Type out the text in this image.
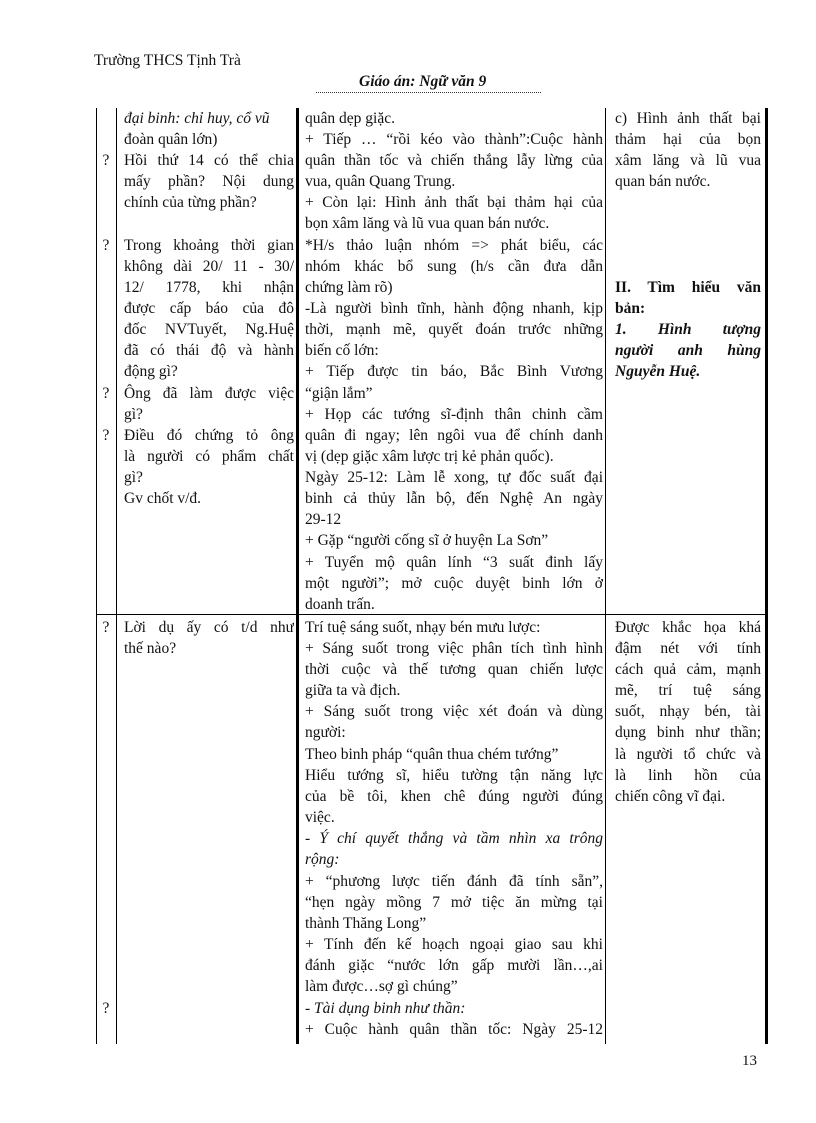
Trường THCS Tịnh Trà
Giáo án: Ngữ văn 9
?
?
?
?
?
?
đại binh: chỉ huy, cổ vũ
đoàn quân lớn)
Hồi thứ 14 có thể chia
mấy phần? Nội dung
chính của từng phần?
Trong khoảng thời gian
không dài 20/ 11 - 30/
12/ 1778, khi nhận
được cấp báo của đô
đốc NVTuyết, Ng.Huệ
đã có thái độ và hành
động gì?
Ông đã làm được việc
gì?
Điều đó chứng tỏ ông
là người có phẩm chất
gì?
Gv chốt v/đ.
Lời dụ ấy có t/d như
thế nào?
quân dẹp giặc.
+ Tiếp … “rồi kéo vào thành”:Cuộc hành
quân thần tốc và chiến thắng lẫy lừng của
vua, quân Quang Trung.
+ Còn lại: Hình ảnh thất bại thảm hại của
bọn xâm lăng và lũ vua quan bán nước.
*H/s thảo luận nhóm => phát biểu, các
nhóm khác bổ sung (h/s cần đưa dẫn
chứng làm rõ)
-Là người bình tĩnh, hành động nhanh, kịp
thời, mạnh mẽ, quyết đoán trước những
biến cố lớn:
+ Tiếp được tin báo, Bắc Bình Vương
“giận lắm”
+ Họp các tướng sĩ-định thân chinh cầm
quân đi ngay; lên ngôi vua để chính danh
vị (dẹp giặc xâm lược trị kẻ phản quốc).
Ngày 25-12: Làm lễ xong, tự đốc suất đại
binh cả thủy lẫn bộ, đến Nghệ An ngày
29-12
+ Gặp “người cống sĩ ở huyện La Sơn”
+ Tuyển mộ quân lính “3 suất đinh lấy
một người”; mở cuộc duyệt binh lớn ở
doanh trấn.
Trí tuệ sáng suốt, nhạy bén mưu lược:
+ Sáng suốt trong việc phân tích tình hình
thời cuộc và thế tương quan chiến lược
giữa ta và địch.
+ Sáng suốt trong việc xét đoán và dùng
người:
Theo binh pháp “quân thua chém tướng”
Hiểu tướng sĩ, hiểu tường tận năng lực
của bề tôi, khen chê đúng người đúng
việc.
- Ý chí quyết thắng và tầm nhìn xa trông
rộng:
+ “phương lược tiến đánh đã tính sẵn”,
“hẹn ngày mồng 7 mở tiệc ăn mừng tại
thành Thăng Long”
+ Tính đến kế hoạch ngoại giao sau khi
đánh giặc “nước lớn gấp mười lần…,ai
làm được…sợ gì chúng”
- Tài dụng binh như thần:
+ Cuộc hành quân thần tốc: Ngày 25-12
c) Hình ảnh thất bại
thảm hại của bọn
xâm lăng và lũ vua
quan bán nước.
II. Tìm hiểu văn
bản:
1. Hình tượng
người anh hùng
Nguyễn Huệ.
Được khắc họa khá
đậm nét với tính
cách quả cảm, mạnh
mẽ, trí tuệ sáng
suốt, nhạy bén, tài
dụng binh như thần;
là người tổ chức và
là linh hồn của
chiến công vĩ đại.
13
